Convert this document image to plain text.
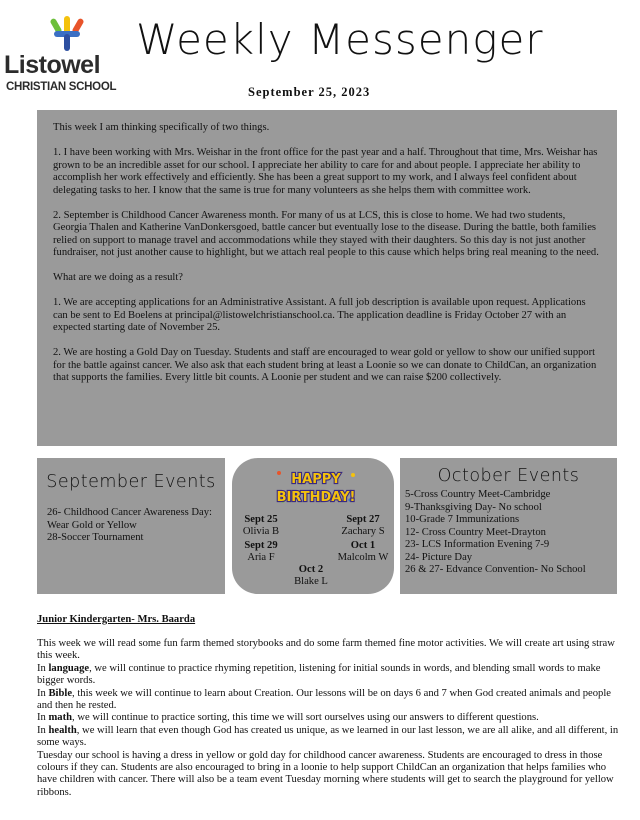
Listowel
CHRISTIAN SCHOOL
Weekly Messenger
September 25, 2023

This week I am thinking specifically of two things.

1. I have been working with Mrs. Weishar in the front office for the past year and a half. Throughout that time, Mrs. Weishar has grown to be an incredible asset for our school. I appreciate her ability to care for and about people. I appreciate her ability to accomplish her work effectively and efficiently. She has been a great support to my work, and I always feel confident about delegating tasks to her. I know that the same is true for many volunteers as she helps them with committee work.

2. September is Childhood Cancer Awareness month. For many of us at LCS, this is close to home. We had two students, Georgia Thalen and Katherine VanDonkersgoed, battle cancer but eventually lose to the disease. During the battle, both families relied on support to manage travel and accommodations while they stayed with their daughters. So this day is not just another fundraiser, not just another cause to highlight, but we attach real people to this cause which helps bring real meaning to the need.

What are we doing as a result?

1. We are accepting applications for an Administrative Assistant. A full job description is available upon request. Applications can be sent to Ed Boelens at principal@listowelchristianschool.ca. The application deadline is Friday October 27 with an expected starting date of November 25.

2. We are hosting a Gold Day on Tuesday. Students and staff are encouraged to wear gold or yellow to show our unified support for the battle against cancer. We also ask that each student bring at least a Loonie so we can donate to ChildCan, an organization that supports the families. Every little bit counts. A Loonie per student and we can raise $200 collectively.

September Events
26- Childhood Cancer Awareness Day: Wear Gold or Yellow
28-Soccer Tournament
HAPPY
BIRTHDAY!
Sept 25
Olivia B
Sept 27
Zachary S
Sept 29
Aria F
Oct 1
Malcolm W
Oct 2
Blake L
October Events
5-Cross Country Meet-Cambridge
9-Thanksgiving Day- No school
10-Grade 7 Immunizations
12- Cross Country Meet-Drayton
23- LCS Information Evening 7-9
24- Picture Day
26 & 27- Edvance Convention- No School
Junior Kindergarten- Mrs. Baarda

This week we will read some fun farm themed storybooks and do some farm themed fine motor activities. We will create art using straw this week.

In language, we will continue to practice rhyming repetition, listening for initial sounds in words, and blending small words to make bigger words.

In Bible, this week we will continue to learn about Creation. Our lessons will be on days 6 and 7 when God created animals and people and then he rested.

In math, we will continue to practice sorting, this time we will sort ourselves using our answers to different questions.

In health, we will learn that even though God has created us unique, as we learned in our last lesson, we are all alike, and all different, in some ways.

Tuesday our school is having a dress in yellow or gold day for childhood cancer awareness. Students are encouraged to dress in those colours if they can. Students are also encouraged to bring in a loonie to help support ChildCan an organization that helps families who have children with cancer. There will also be a team event Tuesday morning where students will get to search the playground for yellow ribbons.
